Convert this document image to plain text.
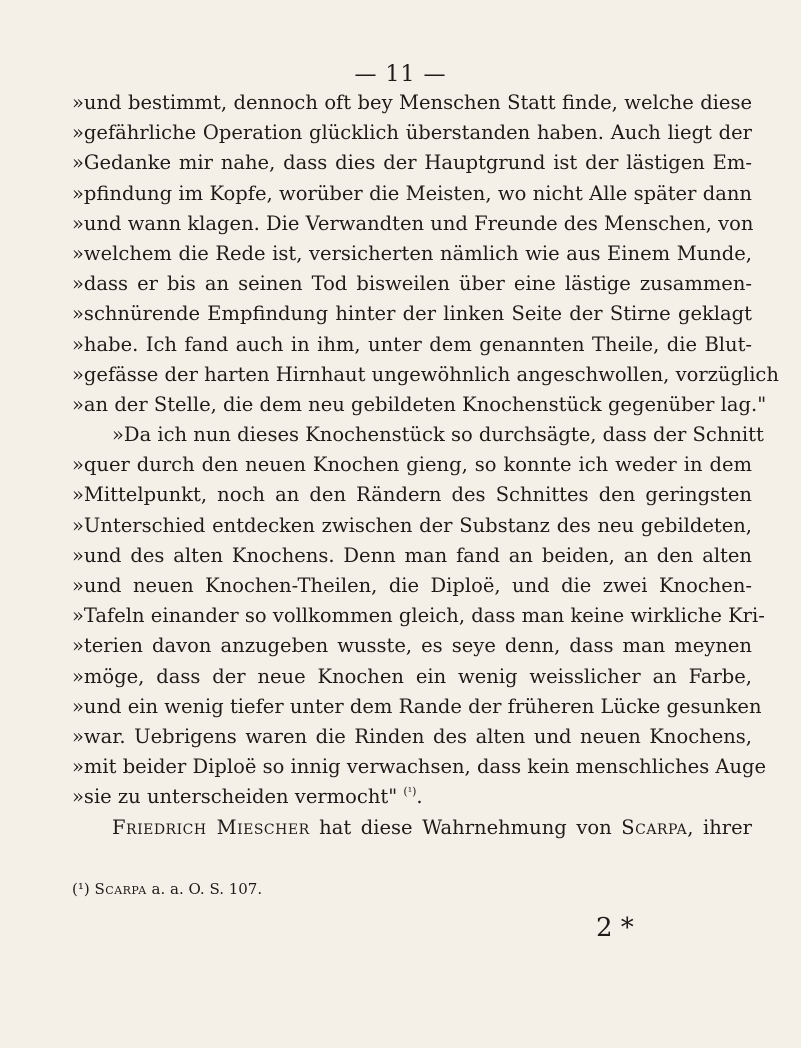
— 11 —
»und bestimmt, dennoch oft bey Menschen Statt finde, welche diese
»gefährliche Operation glücklich überstanden haben. Auch liegt der
»Gedanke mir nahe, dass dies der Hauptgrund ist der lästigen Em-
»pfindung im Kopfe, worüber die Meisten, wo nicht Alle später dann
»und wann klagen. Die Verwandten und Freunde des Menschen, von
»welchem die Rede ist, versicherten nämlich wie aus Einem Munde,
»dass er bis an seinen Tod bisweilen über eine lästige zusammen-
»schnürende Empfindung hinter der linken Seite der Stirne geklagt
»habe. Ich fand auch in ihm, unter dem genannten Theile, die Blut-
»gefässe der harten Hirnhaut ungewöhnlich angeschwollen, vorzüglich
»an der Stelle, die dem neu gebildeten Knochenstück gegenüber lag."
»Da ich nun dieses Knochenstück so durchsägte, dass der Schnitt
»quer durch den neuen Knochen gieng, so konnte ich weder in dem
»Mittelpunkt, noch an den Rändern des Schnittes den geringsten
»Unterschied entdecken zwischen der Substanz des neu gebildeten,
»und des alten Knochens. Denn man fand an beiden, an den alten
»und neuen Knochen-Theilen, die Diploë, und die zwei Knochen-
»Tafeln einander so vollkommen gleich, dass man keine wirkliche Kri-
»terien davon anzugeben wusste, es seye denn, dass man meynen
»möge, dass der neue Knochen ein wenig weisslicher an Farbe,
»und ein wenig tiefer unter dem Rande der früheren Lücke gesunken
»war. Uebrigens waren die Rinden des alten und neuen Knochens,
»mit beider Diploë so innig verwachsen, dass kein menschliches Auge
»sie zu unterscheiden vermocht" $^{(^1)}$.
Friedrich Miescher hat diese Wahrnehmung von Scarpa, ihrer
(¹) Scarpa a. a. O. S. 107.
2 *
